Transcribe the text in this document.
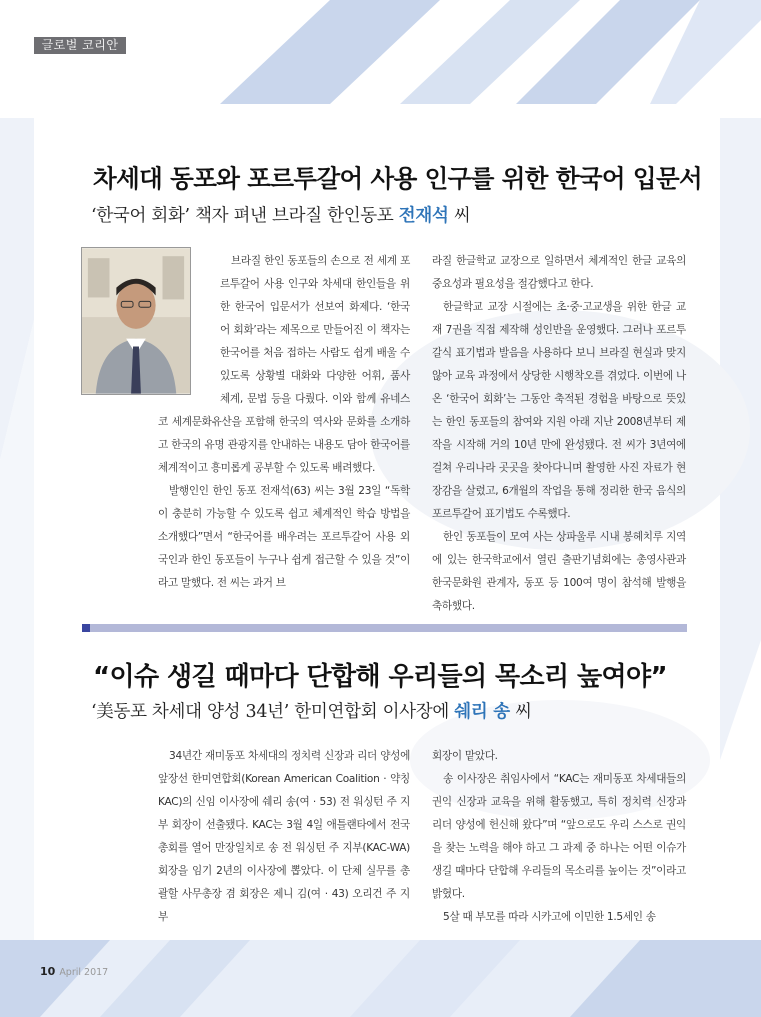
글로벌 코리안
차세대 동포와 포르투갈어 사용 인구를 위한 한국어 입문서
‘한국어 회화’ 책자 펴낸 브라질 한인동포 전재석 씨

브라질 한인 동포들의 손으로 전 세계 포르투갈어 사용 인구와 차세대 한인들을 위한 한국어 입문서가 선보여 화제다. ‘한국어 회화’라는 제목으로 만들어진 이 책자는 한국어를 처음 접하는 사람도 쉽게 배울 수 있도록 상황별 대화와 다양한 어휘, 품사 체계, 문법 등을 다뤘다. 이와 함께 유네스코 세계문화유산을 포함해 한국의 역사와 문화를 소개하고 한국의 유명 관광지를 안내하는 내용도 담아 한국어를 체계적이고 흥미롭게 공부할 수 있도록 배려했다.

발행인인 한인 동포 전재석(63) 씨는 3월 23일 “독학이 충분히 가능할 수 있도록 쉽고 체계적인 학습 방법을 소개했다”면서 “한국어를 배우려는 포르투갈어 사용 외국인과 한인 동포들이 누구나 쉽게 접근할 수 있을 것”이라고 말했다. 전 씨는 과거 브

라질 한글학교 교장으로 일하면서 체계적인 한글 교육의 중요성과 필요성을 절감했다고 한다.

한글학교 교장 시절에는 초·중·고교생을 위한 한글 교재 7권을 직접 제작해 성인반을 운영했다. 그러나 포르투갈식 표기법과 발음을 사용하다 보니 브라질 현실과 맞지 않아 교육 과정에서 상당한 시행착오를 겪었다. 이번에 나온 ‘한국어 회화’는 그동안 축적된 경험을 바탕으로 뜻있는 한인 동포들의 참여와 지원 아래 지난 2008년부터 제작을 시작해 거의 10년 만에 완성됐다. 전 씨가 3년여에 걸쳐 우리나라 곳곳을 찾아다니며 촬영한 사진 자료가 현장감을 살렸고, 6개월의 작업을 통해 정리한 한국 음식의 포르투갈어 표기법도 수록했다.

한인 동포들이 모여 사는 상파울루 시내 봉헤치루 지역에 있는 한국학교에서 열린 출판기념회에는 총영사관과 한국문화원 관계자, 동포 등 100여 명이 참석해 발행을 축하했다.

“이슈 생길 때마다 단합해 우리들의 목소리 높여야”
‘美동포 차세대 양성 34년’ 한미연합회 이사장에 쉐리 송 씨

34년간 재미동포 차세대의 정치력 신장과 리더 양성에 앞장선 한미연합회(Korean American Coalition · 약칭 KAC)의 신임 이사장에 쉐리 송(여 · 53) 전 워싱턴 주 지부 회장이 선출됐다. KAC는 3월 4일 애틀랜타에서 전국 총회를 열어 만장일치로 송 전 워싱턴 주 지부(KAC-WA) 회장을 임기 2년의 이사장에 뽑았다. 이 단체 실무를 총괄할 사무총장 겸 회장은 제니 김(여 · 43) 오리건 주 지부

회장이 맡았다.

송 이사장은 취임사에서 “KAC는 재미동포 차세대들의 권익 신장과 교육을 위해 활동했고, 특히 정치력 신장과 리더 양성에 헌신해 왔다”며 “앞으로도 우리 스스로 권익을 찾는 노력을 해야 하고 그 과제 중 하나는 어떤 이슈가 생길 때마다 단합해 우리들의 목소리를 높이는 것”이라고 밝혔다.

5살 때 부모를 따라 시카고에 이민한 1.5세인 송

10 April 2017
